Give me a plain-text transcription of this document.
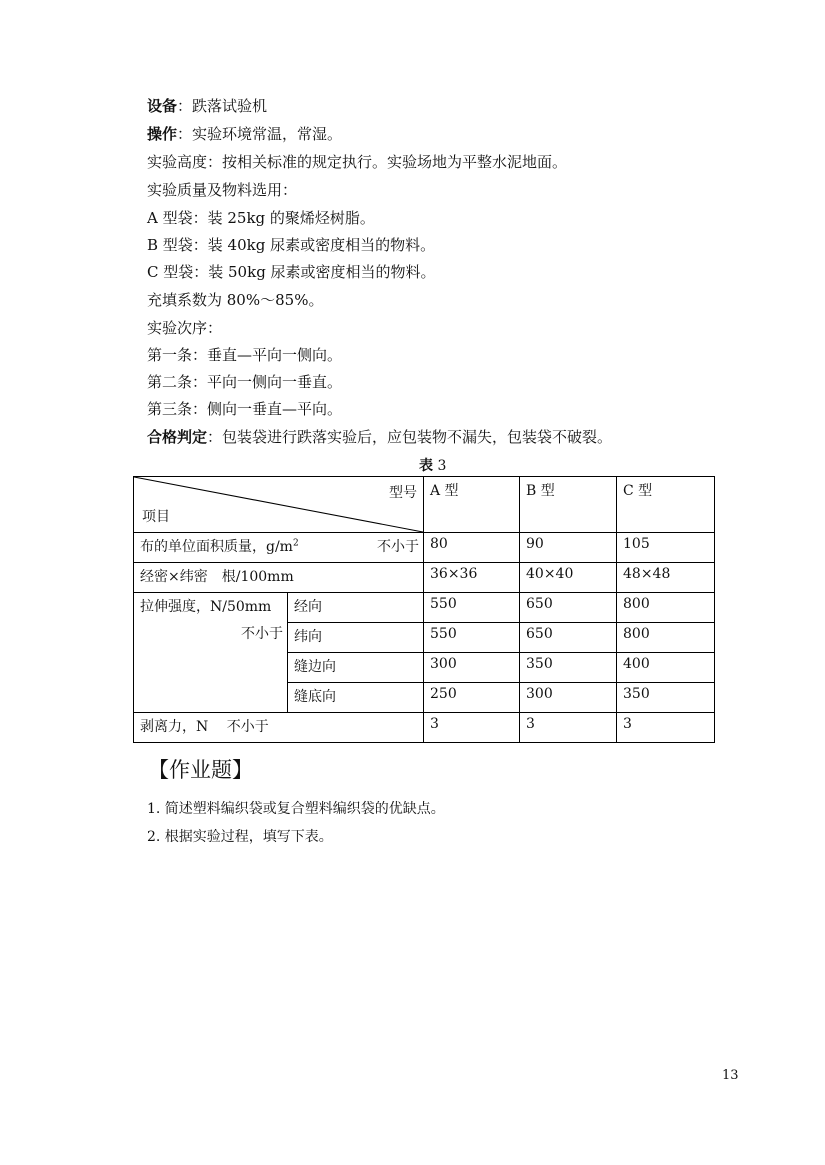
设备：跌落试验机
操作：实验环境常温，常湿。
实验高度：按相关标准的规定执行。实验场地为平整水泥地面。
实验质量及物料选用：
A 型袋：装 25kg 的聚烯烃树脂。
B 型袋：装 40kg 尿素或密度相当的物料。
C 型袋：装 50kg 尿素或密度相当的物料。
充填系数为 80%～85%。
实验次序：
第一条：垂直—平向一侧向。
第二条：平向一侧向一垂直。
第三条：侧向一垂直—平向。
合格判定：包装袋进行跌落实验后，应包装物不漏失，包装袋不破裂。
表 3
型号
项目		A 型	B 型	C 型
布的单位面积质量，$g/m^2$ 不小于		80	90	105
经密×纬密　根/100mm		36×36	40×40	48×48

拉伸强度，N/50mm
不小于	经向	550	650	800
	纬向	550	650	800
	缝边向	300	350	400
	缝底向	250	300	350
剥离力，N　 不小于		3	3	3
【作业题】
1. 简述塑料编织袋或复合塑料编织袋的优缺点。
2. 根据实验过程，填写下表。
13
